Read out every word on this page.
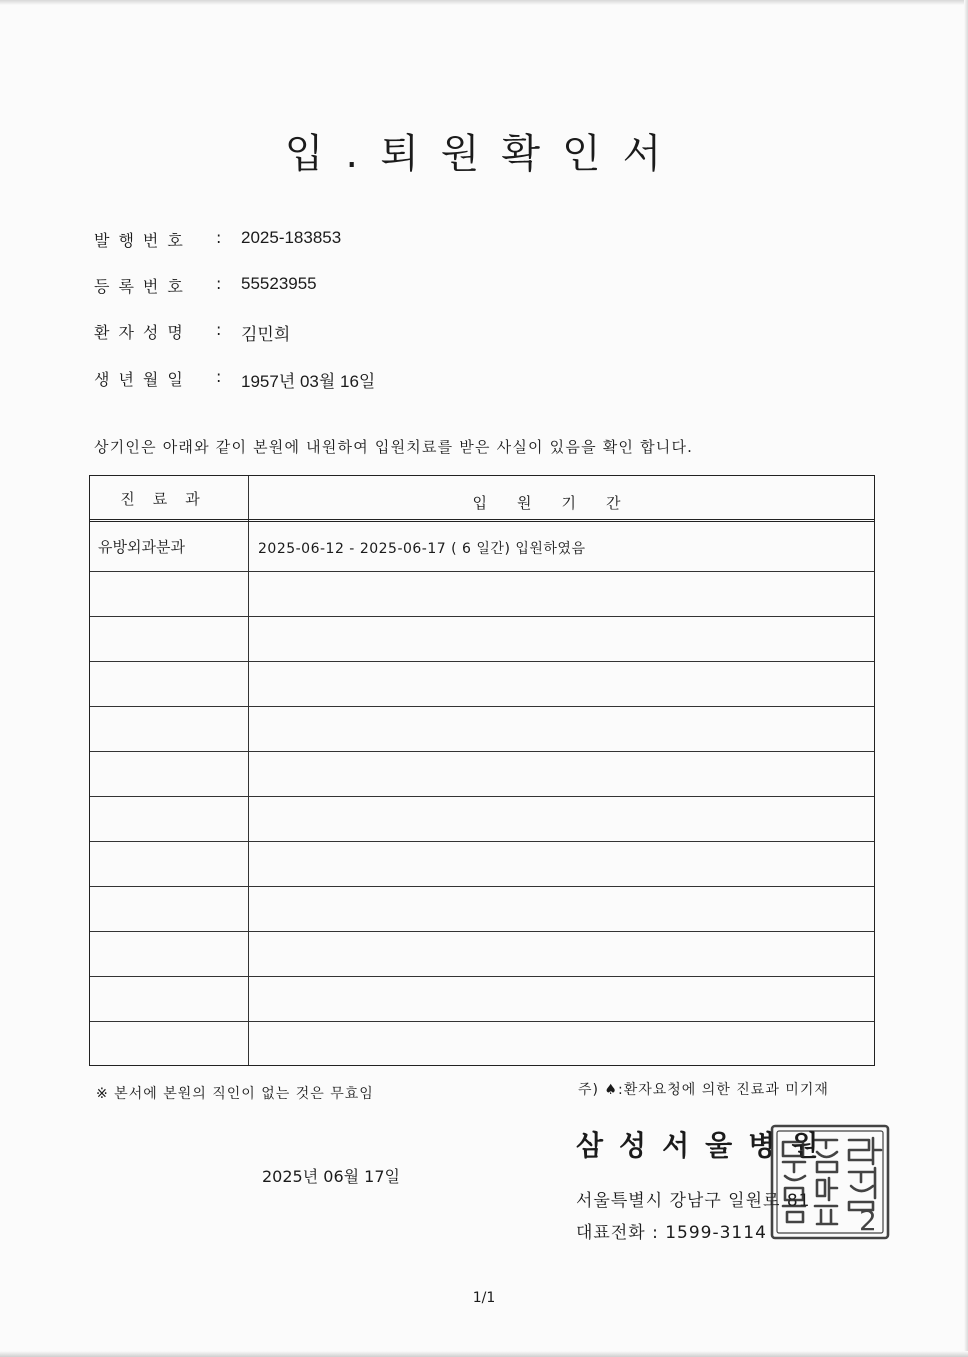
입.퇴원확인서
발행번호 : 2025-183853
등록번호 : 55523955
환자성명 : 김민희
생년월일 : 1957년 03월 16일

상기인은 아래와 같이 본원에 내원하여 입원치료를 받은 사실이 있음을 확인 합니다.

진료과	입원기간
유방외과분과	2025-06-12 - 2025-06-17 ( 6 일간) 입원하였음
※ 본서에 본원의 직인이 없는 것은 무효임	주) ♠:환자요청에 의한 진료과 미기재
2025년 06월 17일
삼성서울병원
서울특별시 강남구 일원로 81
대표전화 : 1599-3114	2
1/1
